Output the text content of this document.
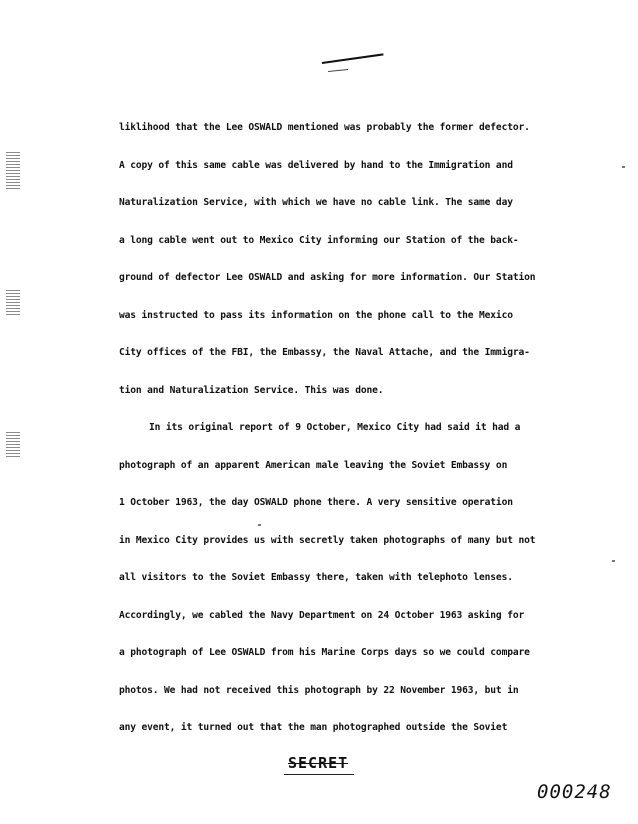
liklihood that the Lee OSWALD mentioned was probably the former defector.
A copy of this same cable was delivered by hand to the Immigration and
Naturalization Service, with which we have no cable link. The same day
a long cable went out to Mexico City informing our Station of the back-
ground of defector Lee OSWALD and asking for more information. Our Station
was instructed to pass its information on the phone call to the Mexico
City offices of the FBI, the Embassy, the Naval Attache, and the Immigra-
tion and Naturalization Service. This was done.
In its original report of 9 October, Mexico City had said it had a
photograph of an apparent American male leaving the Soviet Embassy on
1 October 1963, the day OSWALD phone there. A very sensitive operation
in Mexico City provides us with secretly taken photographs of many but not
all visitors to the Soviet Embassy there, taken with telephoto lenses.
Accordingly, we cabled the Navy Department on 24 October 1963 asking for
a photograph of Lee OSWALD from his Marine Corps days so we could compare
photos. We had not received this photograph by 22 November 1963, but in
any event, it turned out that the man photographed outside the Soviet
SECRET
000248
